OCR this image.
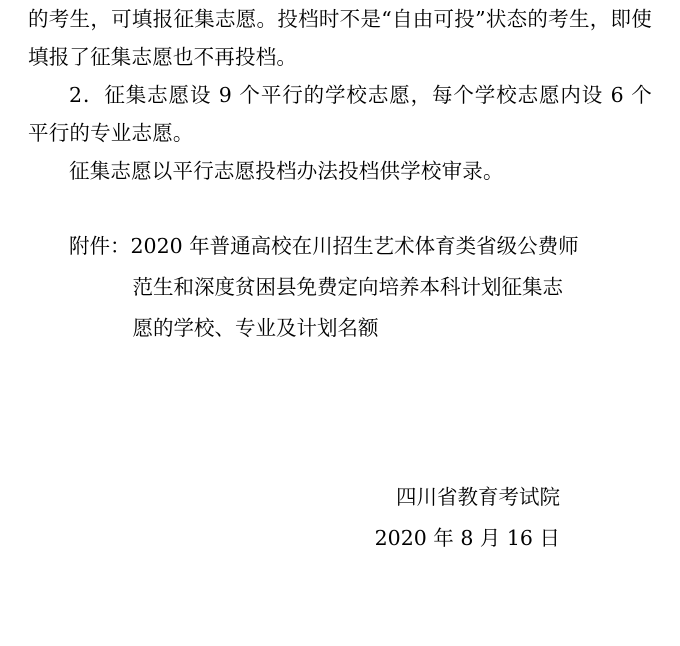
的考生，可填报征集志愿。投档时不是“自由可投”状态的考生，即使填报了征集志愿也不再投档。
2．征集志愿设 9 个平行的学校志愿，每个学校志愿内设 6 个平行的专业志愿。
征集志愿以平行志愿投档办法投档供学校审录。
附件：2020 年普通高校在川招生艺术体育类省级公费师
范生和深度贫困县免费定向培养本科计划征集志
愿的学校、专业及计划名额
四川省教育考试院
2020 年 8 月 16 日
